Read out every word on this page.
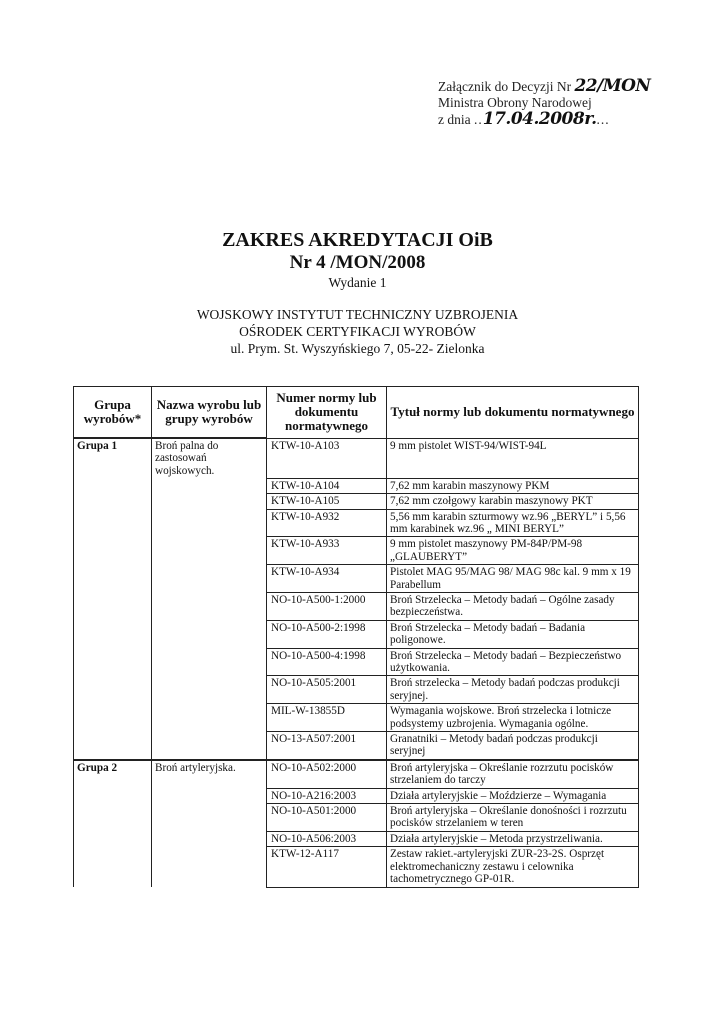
Załącznik do Decyzji Nr 22/MON
Ministra Obrony Narodowej
z dnia ..17.04.2008r....
ZAKRES AKREDYTACJI OiB
Nr 4 /MON/2008
Wydanie 1
WOJSKOWY INSTYTUT TECHNICZNY UZBROJENIA
OŚRODEK CERTYFIKACJI WYROBÓW
ul. Prym. St. Wyszyńskiego 7, 05-22- Zielonka
Grupa wyrobów*	Nazwa wyrobu lub grupy wyrobów	Numer normy lub dokumentu normatywnego	Tytuł normy lub dokumentu normatywnego
Grupa 1	Broń palna do zastosowań wojskowych.	KTW-10-A103	9 mm pistolet WIST-94/WIST-94L
		KTW-10-A104	7,62 mm karabin maszynowy PKM
		KTW-10-A105	7,62 mm czołgowy karabin maszynowy PKT
		KTW-10-A932	5,56 mm karabin szturmowy wz.96 „BERYL” i 5,56 mm karabinek wz.96 „ MINI BERYL”
		KTW-10-A933	9 mm pistolet maszynowy PM-84P/PM-98 „GLAUBERYT”
		KTW-10-A934	Pistolet MAG 95/MAG 98/ MAG 98c kal. 9 mm x 19 Parabellum
		NO-10-A500-1:2000	Broń Strzelecka – Metody badań – Ogólne zasady bezpieczeństwa.
		NO-10-A500-2:1998	Broń Strzelecka – Metody badań – Badania poligonowe.
		NO-10-A500-4:1998	Broń Strzelecka – Metody badań – Bezpieczeństwo użytkowania.
		NO-10-A505:2001	Broń strzelecka – Metody badań podczas produkcji seryjnej.
		MIL-W-13855D	Wymagania wojskowe. Broń strzelecka i lotnicze podsystemy uzbrojenia. Wymagania ogólne.
		NO-13-A507:2001	Granatniki – Metody badań podczas produkcji seryjnej
Grupa 2	Broń artyleryjska.	NO-10-A502:2000	Broń artyleryjska – Określanie rozrzutu pocisków strzelaniem do tarczy
		NO-10-A216:2003	Działa artyleryjskie – Moździerze – Wymagania
		NO-10-A501:2000	Broń artyleryjska – Określanie donośności i rozrzutu pocisków strzelaniem w teren
		NO-10-A506:2003	Działa artyleryjskie – Metoda przystrzeliwania.
		KTW-12-A117	Zestaw rakiet.-artyleryjski ZUR-23-2S. Osprzęt elektromechaniczny zestawu i celownika tachometrycznego GP-01R.
